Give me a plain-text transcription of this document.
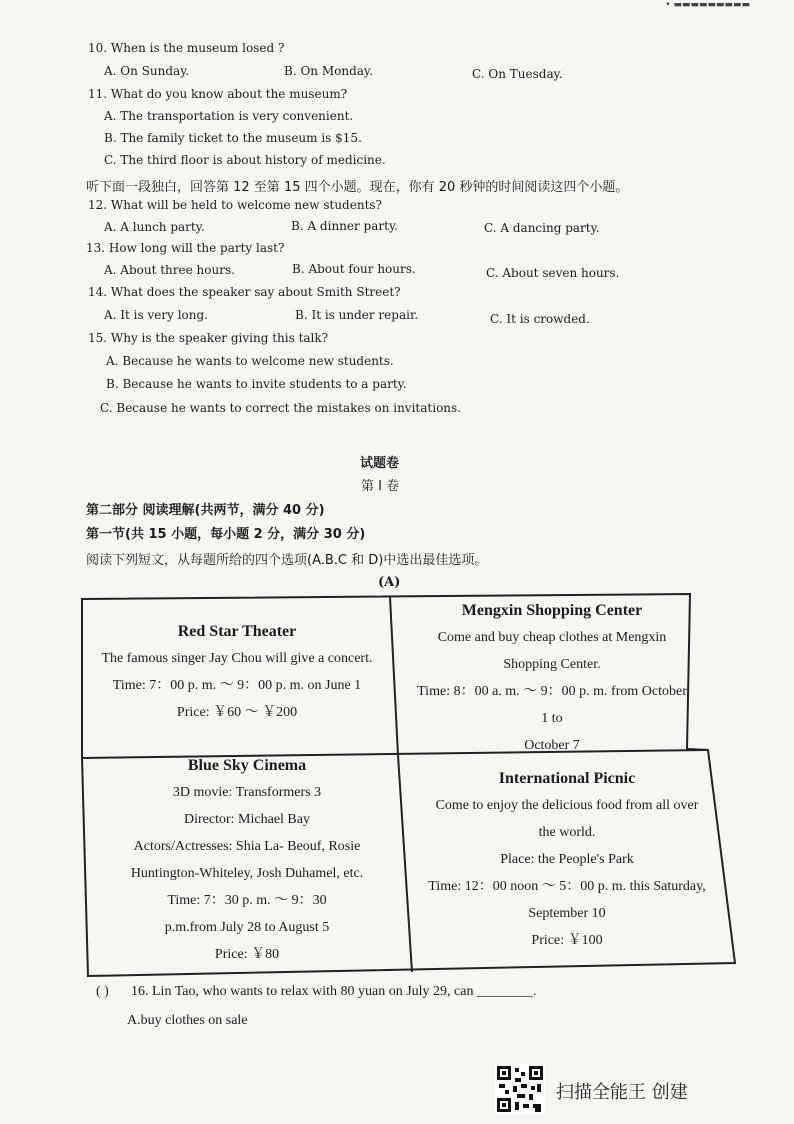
• ▬▬▬▬▬▬▬▬▬
10. When is the museum losed ?
A. On Sunday.	B. On Monday.	C. On Tuesday.
11. What do you know about the museum?
A. The transportation is very convenient.
B. The family ticket to the museum is $15.
C. The third floor is about history of medicine.
听下面一段独白，回答第 12 至第 15 四个小题。现在，你有 20 秒钟的时间阅读这四个小题。
12. What will be held to welcome new students?
A. A lunch party.	B. A dinner party.	C. A dancing party.
13. How long will the party last?
A. About three hours.	B. About four hours.	C. About seven hours.
14. What does the speaker say about Smith Street?
A. It is very long.	B. It is under repair.	C. It is crowded.
15. Why is the speaker giving this talk?
A. Because he wants to welcome new students.
B. Because he wants to invite students to a party.
C. Because he wants to correct the mistakes on invitations.
试题卷
第 I 卷
第二部分 阅读理解(共两节，满分 40 分)
第一节(共 15 小题，每小题 2 分，满分 30 分)
阅读下列短文，从每题所给的四个选项(A.B.C 和 D)中选出最佳选项。
(A)
Red Star Theater
The famous singer Jay Chou will give a concert.
Time: 7：00 p. m. ～ 9：00 p. m. on June 1
Price: ￥60 ～ ￥200
Mengxin Shopping Center
Come and buy cheap clothes at Mengxin
Shopping Center.
Time: 8：00 a. m. ～ 9：00 p. m. from October
1 to
October 7
Blue Sky Cinema
3D movie: Transformers 3
Director: Michael Bay
Actors/Actresses: Shia La- Beouf, Rosie
Huntington-Whiteley, Josh Duhamel, etc.
Time: 7：30 p. m. ～ 9：30
p.m.from July 28 to August 5
Price: ￥80
International Picnic
Come to enjoy the delicious food from all over
the world.
Place: the People's Park
Time: 12：00 noon ～ 5：00 p. m. this Saturday,
September 10
Price: ￥100
( ) 16. Lin Tao, who wants to relax with 80 yuan on July 29, can ________.
A.buy clothes on sale
扫描全能王 创建
